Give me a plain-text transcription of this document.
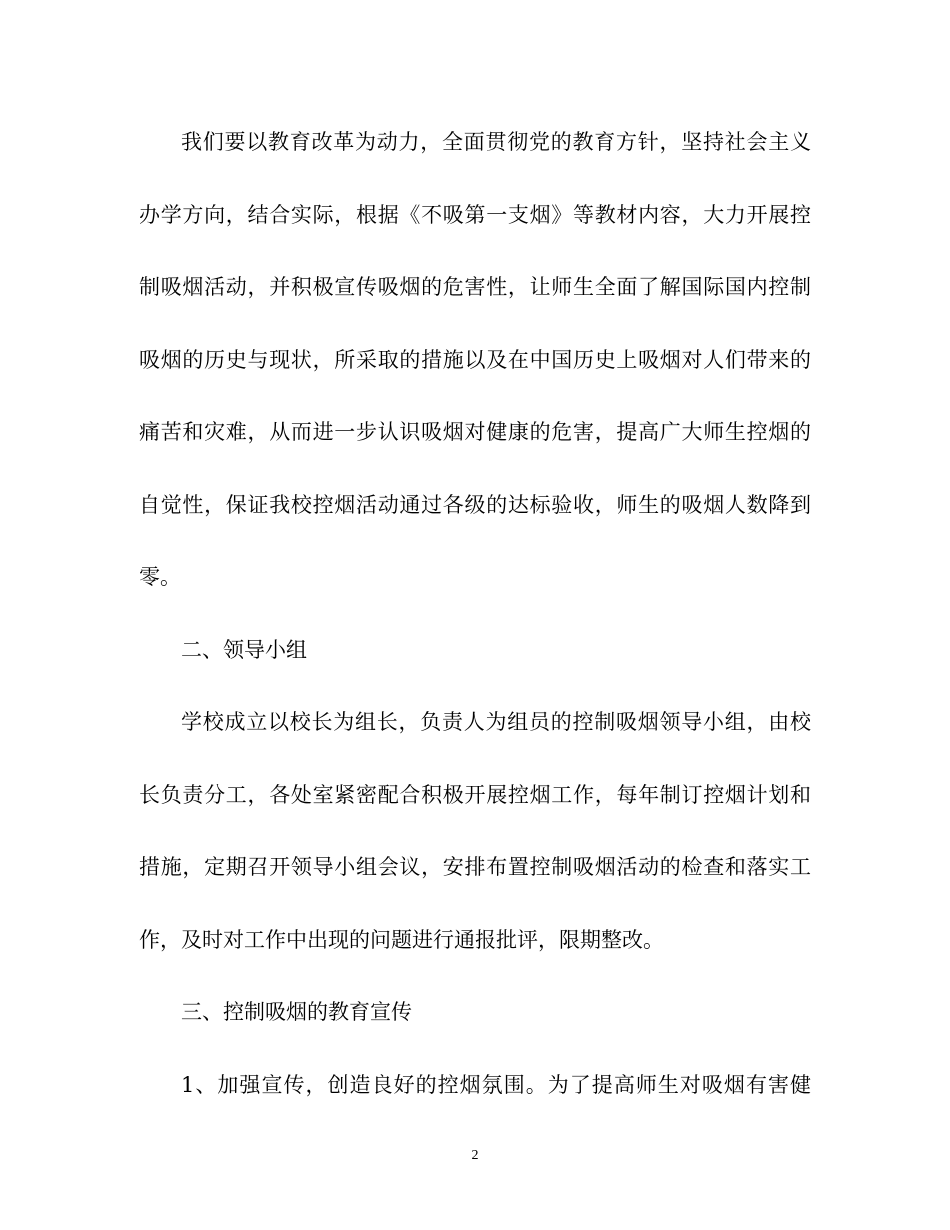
我们要以教育改革为动力，全面贯彻党的教育方针，坚持社会主义
办学方向，结合实际，根据《不吸第一支烟》等教材内容，大力开展控
制吸烟活动，并积极宣传吸烟的危害性，让师生全面了解国际国内控制
吸烟的历史与现状，所采取的措施以及在中国历史上吸烟对人们带来的
痛苦和灾难，从而进一步认识吸烟对健康的危害，提高广大师生控烟的
自觉性，保证我校控烟活动通过各级的达标验收，师生的吸烟人数降到
零。
二、领导小组
学校成立以校长为组长，负责人为组员的控制吸烟领导小组，由校
长负责分工，各处室紧密配合积极开展控烟工作，每年制订控烟计划和
措施，定期召开领导小组会议，安排布置控制吸烟活动的检查和落实工
作，及时对工作中出现的问题进行通报批评，限期整改。
三、控制吸烟的教育宣传
1、加强宣传，创造良好的控烟氛围。为了提高师生对吸烟有害健
2
